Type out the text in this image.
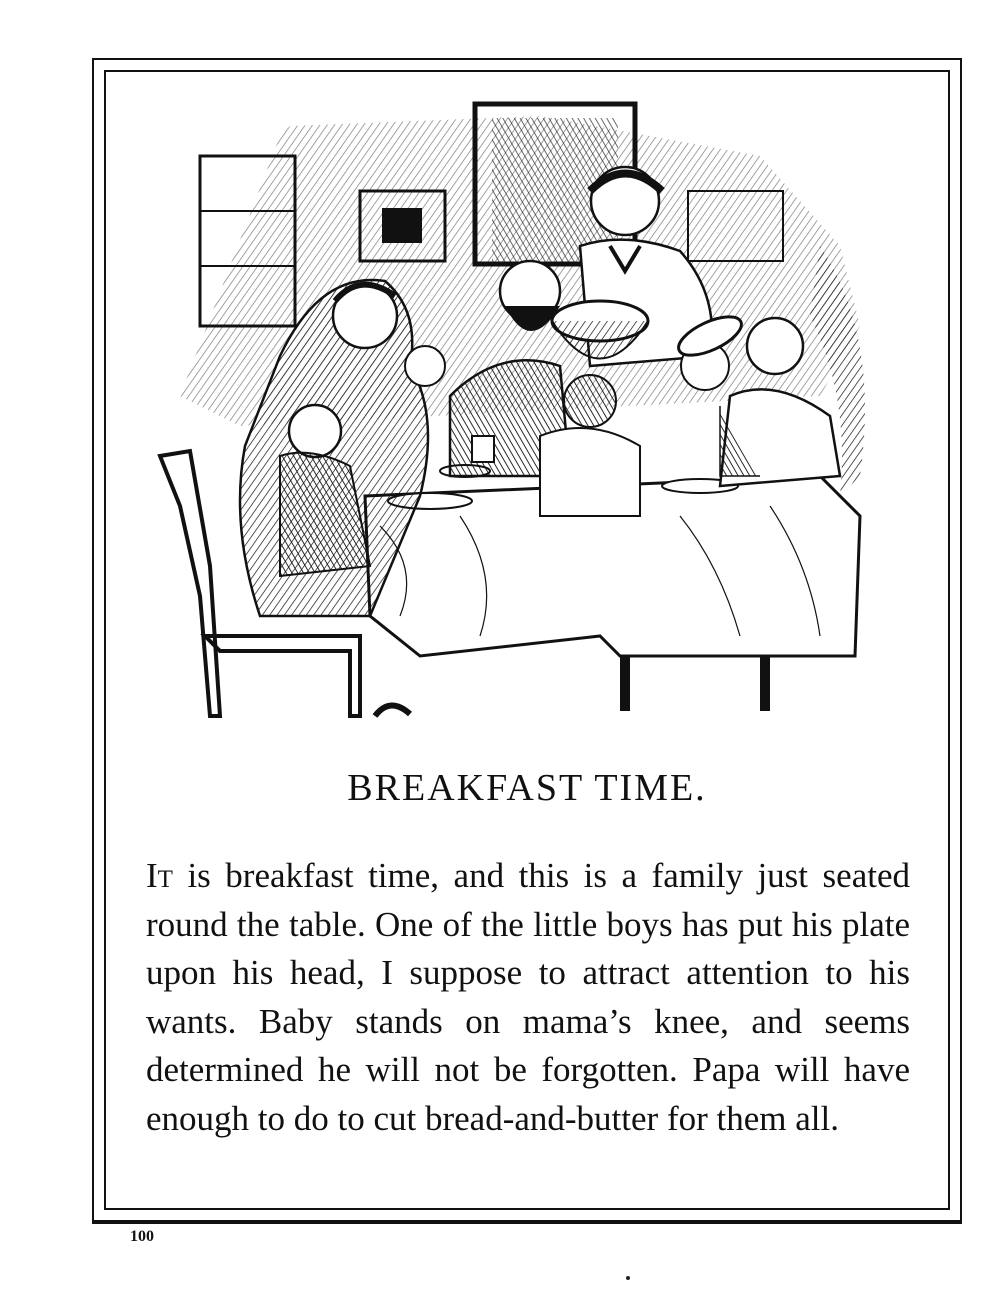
BREAKFAST TIME.

It is breakfast time, and this is a family just seated round the table. One of the little boys has put his plate upon his head, I suppose to attract attention to his wants. Baby stands on mama’s knee, and seems determined he will not be forgotten. Papa will have enough to do to cut bread-and-butter for them all.

100
